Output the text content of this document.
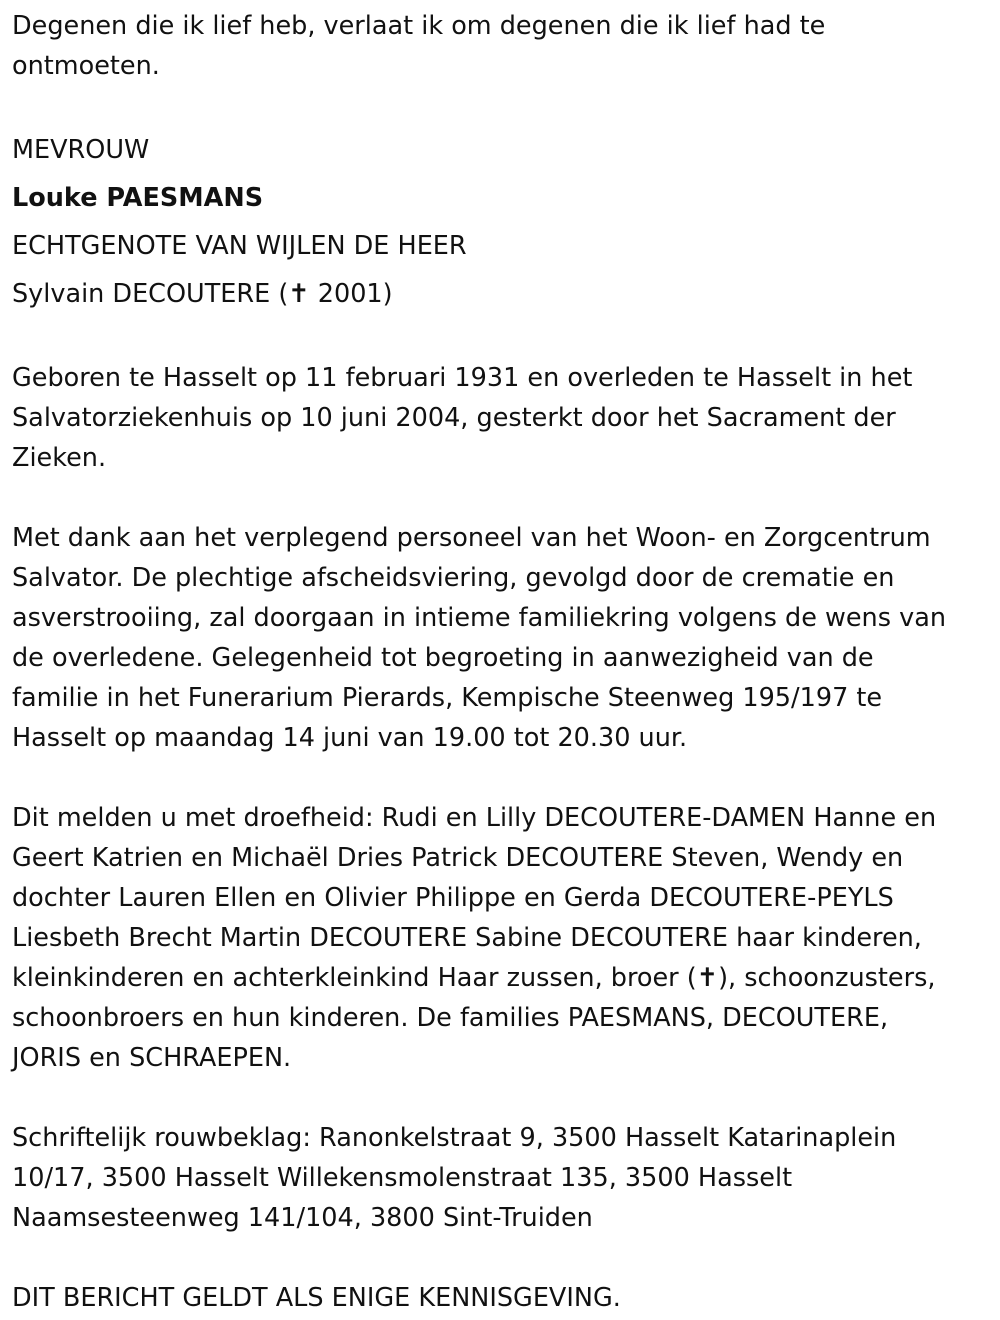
Degenen die ik lief heb, verlaat ik om degenen die ik lief had te
ontmoeten.
MEVROUW
Louke PAESMANS
ECHTGENOTE VAN WIJLEN DE HEER
Sylvain DECOUTERE (✝ 2001)
Geboren te Hasselt op 11 februari 1931 en overleden te Hasselt in het
Salvatorziekenhuis op 10 juni 2004, gesterkt door het Sacrament der
Zieken.
Met dank aan het verplegend personeel van het Woon- en Zorgcentrum
Salvator. De plechtige afscheidsviering, gevolgd door de crematie en
asverstrooiing, zal doorgaan in intieme familiekring volgens de wens van
de overledene. Gelegenheid tot begroeting in aanwezigheid van de
familie in het Funerarium Pierards, Kempische Steenweg 195/197 te
Hasselt op maandag 14 juni van 19.00 tot 20.30 uur.
Dit melden u met droefheid: Rudi en Lilly DECOUTERE-DAMEN Hanne en
Geert Katrien en Michaël Dries Patrick DECOUTERE Steven, Wendy en
dochter Lauren Ellen en Olivier Philippe en Gerda DECOUTERE-PEYLS
Liesbeth Brecht Martin DECOUTERE Sabine DECOUTERE haar kinderen,
kleinkinderen en achterkleinkind Haar zussen, broer (✝), schoonzusters,
schoonbroers en hun kinderen. De families PAESMANS, DECOUTERE,
JORIS en SCHRAEPEN.
Schriftelijk rouwbeklag: Ranonkelstraat 9, 3500 Hasselt Katarinaplein
10/17, 3500 Hasselt Willekensmolenstraat 135, 3500 Hasselt
Naamsesteenweg 141/104, 3800 Sint-Truiden
DIT BERICHT GELDT ALS ENIGE KENNISGEVING.
